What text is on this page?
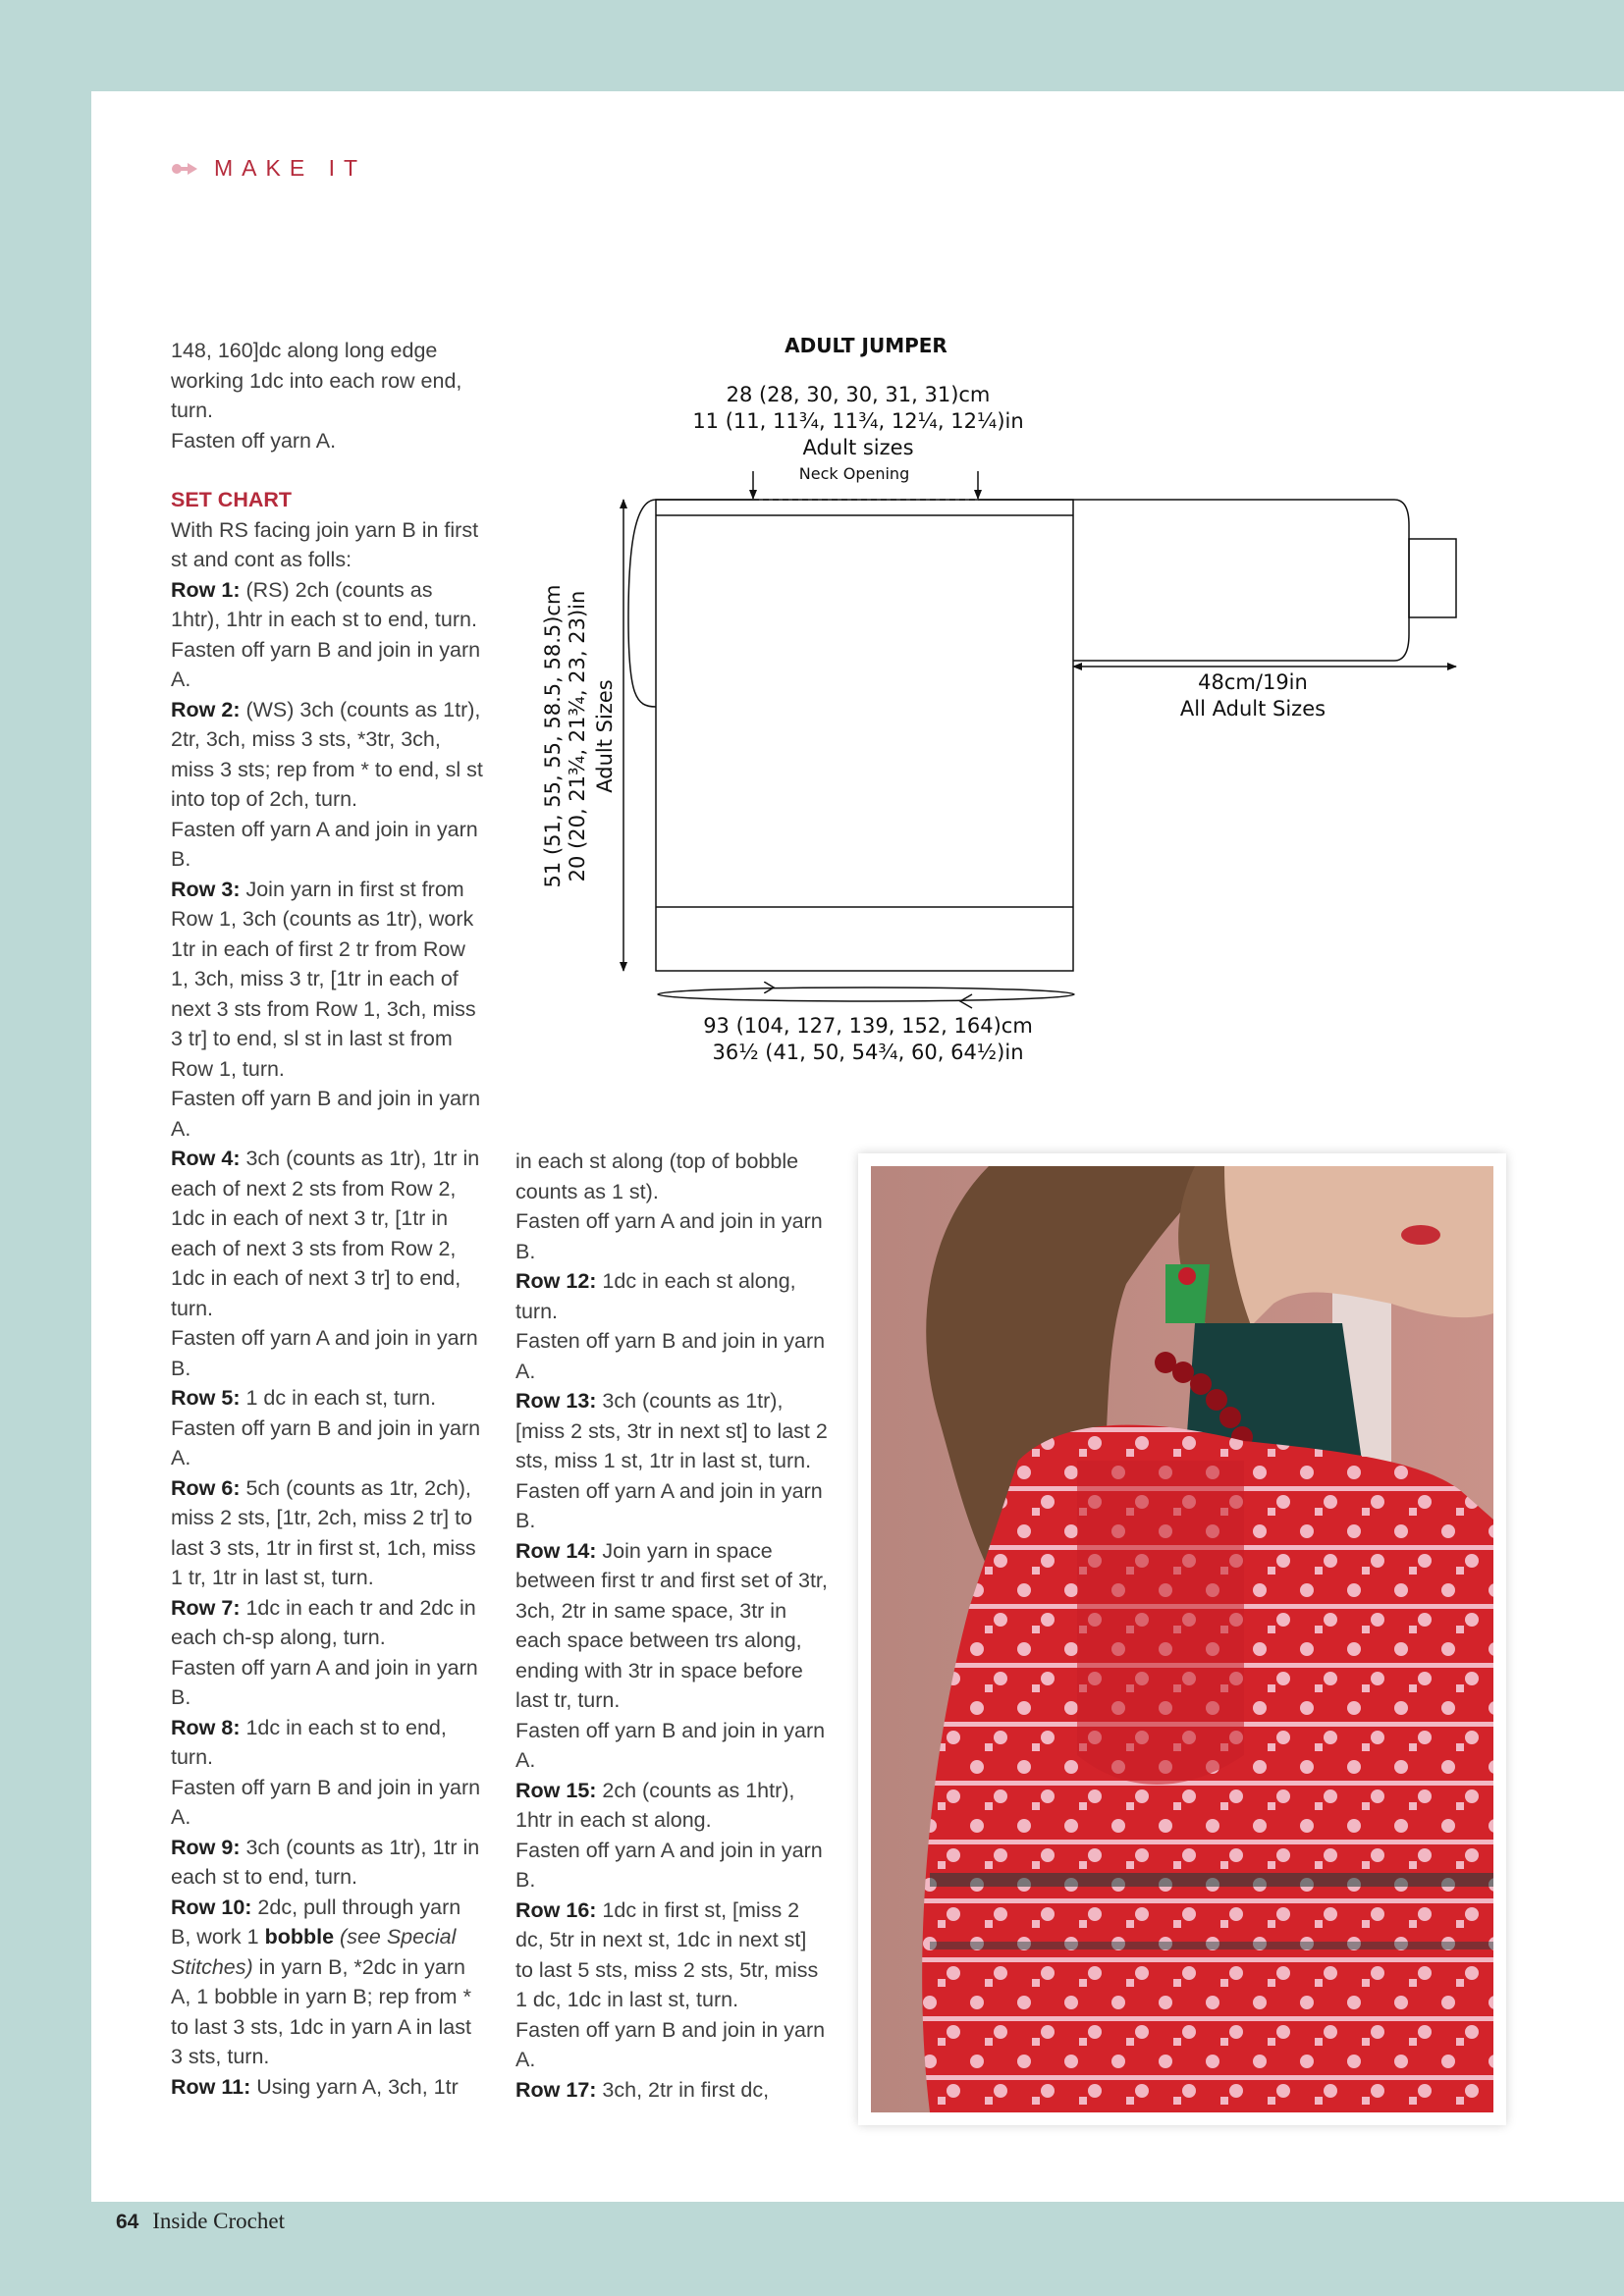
MAKE IT

148, 160]dc along long edge working 1dc into each row end, turn.

Fasten off yarn A.

SET CHART

With RS facing join yarn B in first st and cont as folls:

Row 1: (RS) 2ch (counts as 1htr), 1htr in each st to end, turn.

Fasten off yarn B and join in yarn A.

Row 2: (WS) 3ch (counts as 1tr), 2tr, 3ch, miss 3 sts, *3tr, 3ch, miss 3 sts; rep from * to end, sl st into top of 2ch, turn.

Fasten off yarn A and join in yarn B.

Row 3: Join yarn in first st from Row 1, 3ch (counts as 1tr), work 1tr in each of first 2 tr from Row 1, 3ch, miss 3 tr, [1tr in each of next 3 sts from Row 1, 3ch, miss 3 tr] to end, sl st in last st from Row 1, turn.

Fasten off yarn B and join in yarn A.

Row 4: 3ch (counts as 1tr), 1tr in each of next 2 sts from Row 2, 1dc in each of next 3 tr, [1tr in each of next 3 sts from Row 2, 1dc in each of next 3 tr] to end, turn.

Fasten off yarn A and join in yarn B.

Row 5: 1 dc in each st, turn.

Fasten off yarn B and join in yarn A.

Row 6: 5ch (counts as 1tr, 2ch), miss 2 sts, [1tr, 2ch, miss 2 tr] to last 3 sts, 1tr in first st, 1ch, miss 1 tr, 1tr in last st, turn.

Row 7: 1dc in each tr and 2dc in each ch-sp along, turn.

Fasten off yarn A and join in yarn B.

Row 8: 1dc in each st to end, turn.

Fasten off yarn B and join in yarn A.

Row 9: 3ch (counts as 1tr), 1tr in each st to end, turn.

Row 10: 2dc, pull through yarn B, work 1 bobble (see Special Stitches) in yarn B, *2dc in yarn A, 1 bobble in yarn B; rep from * to last 3 sts, 1dc in yarn A in last 3 sts, turn.

Row 11: Using yarn A, 3ch, 1tr

in each st along (top of bobble counts as 1 st).

Fasten off yarn A and join in yarn B.

Row 12: 1dc in each st along, turn.

Fasten off yarn B and join in yarn A.

Row 13: 3ch (counts as 1tr), [miss 2 sts, 3tr in next st] to last 2 sts, miss 1 st, 1tr in last st, turn.

Fasten off yarn A and join in yarn B.

Row 14: Join yarn in space between first tr and first set of 3tr, 3ch, 2tr in same space, 3tr in each space between trs along, ending with 3tr in space before last tr, turn.

Fasten off yarn B and join in yarn A.

Row 15: 2ch (counts as 1htr), 1htr in each st along.

Fasten off yarn A and join in yarn B.

Row 16: 1dc in first st, [miss 2 dc, 5tr in next st, 1dc in next st] to last 5 sts, miss 2 sts, 5tr, miss 1 dc, 1dc in last st, turn.

Fasten off yarn B and join in yarn A.

Row 17: 3ch, 2tr in first dc,

ADULT JUMPER
28 (28, 30, 30, 31, 31)cm
11 (11, 11¾, 11¾, 12¼, 12¼)in
Adult sizes
Neck Opening
Adult Sizes
20 (20, 21¾, 21¾, 23, 23)in
51 (51, 55, 55, 58.5, 58.5)cm	48cm/19in
All Adult Sizes
93 (104, 127, 139, 152, 164)cm
36½ (41, 50, 54¾, 60, 64½)in
64 Inside Crochet
